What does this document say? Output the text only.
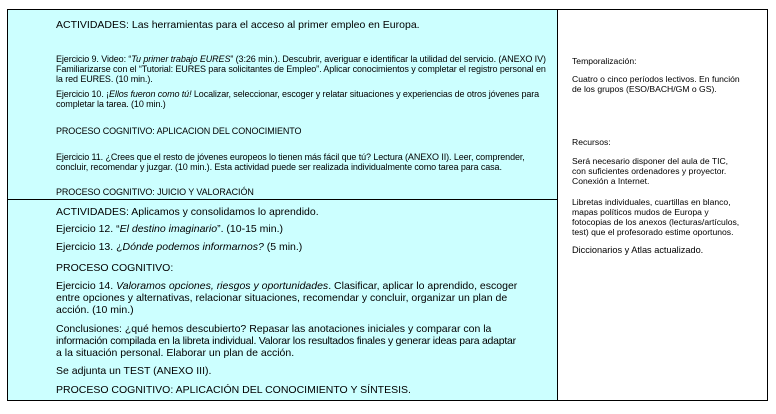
ACTIVIDADES: Las herramientas para el acceso al primer empleo en Europa.
Ejercicio 9. Video: “Tu primer trabajo EURES” (3:26 min.). Descubrir, averiguar e identificar la utilidad del servicio. (ANEXO IV)
Familiarizarse con el “Tutorial: EURES para solicitantes de Empleo”. Aplicar conocimientos y completar el registro personal en
la red EURES. (10 min.).
Ejercicio 10. ¡Ellos fueron como tú! Localizar, seleccionar, escoger y relatar situaciones y experiencias de otros jóvenes para
completar la tarea. (10 min.)
PROCESO COGNITIVO: APLICACION DEL CONOCIMIENTO
Ejercicio 11. ¿Crees que el resto de jóvenes europeos lo tienen más fácil que tú? Lectura (ANEXO II). Leer, comprender,
concluir, recomendar y juzgar. (10 min.). Esta actividad puede ser realizada individualmente como tarea para casa.
PROCESO COGNITIVO: JUICIO Y VALORACIÓN
ACTIVIDADES: Aplicamos y consolidamos lo aprendido.
Ejercicio 12. “El destino imaginario”. (10-15 min.)
Ejercicio 13. ¿Dónde podemos informarnos? (5 min.)
PROCESO COGNITIVO:
Ejercicio 14. Valoramos opciones, riesgos y oportunidades. Clasificar, aplicar lo aprendido, escoger
entre opciones y alternativas, relacionar situaciones, recomendar y concluir, organizar un plan de
acción. (10 min.)
Conclusiones: ¿qué hemos descubierto? Repasar las anotaciones iniciales y comparar con la
información compilada en la libreta individual. Valorar los resultados finales y generar ideas para adaptar
a la situación personal. Elaborar un plan de acción.
Se adjunta un TEST (ANEXO III).
PROCESO COGNITIVO: APLICACIÓN DEL CONOCIMIENTO Y SÍNTESIS.
Temporalización:
Cuatro o cinco períodos lectivos. En función
de los grupos (ESO/BACH/GM o GS).
Recursos:
Será necesario disponer del aula de TIC,
con suficientes ordenadores y proyector.
Conexión a Internet.
Libretas individuales, cuartillas en blanco,
mapas políticos mudos de Europa y
fotocopias de los anexos (lecturas/artículos,
test) que el profesorado estime oportunos.
Diccionarios y Atlas actualizado.
